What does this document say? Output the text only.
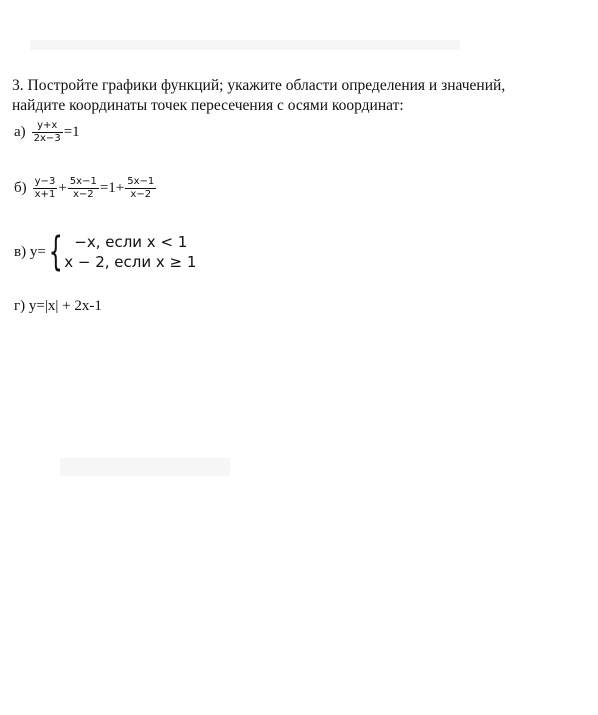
3. Постройте графики функций; укажите области определения и значений,
найдите координаты точек пересечения с осями координат:
$а) \frac{y+x}{2x-3} =1$
$б) \frac{y-3}{x+1} + \frac{5x-1}{x-2} =1+ \frac{5x-1}{x-2}$
в) y= { −x, если x < 1
x − 2, если x ≥ 1
г) y=|x| + 2x-1
